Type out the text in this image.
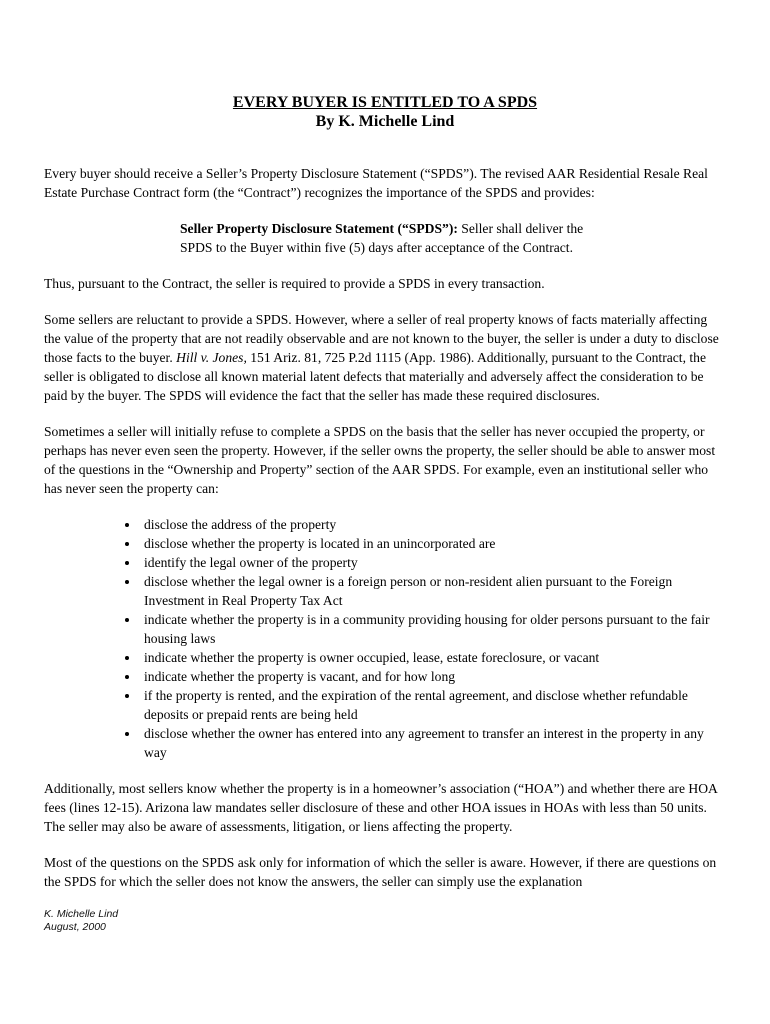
EVERY BUYER IS ENTITLED TO A SPDS
By K. Michelle Lind

Every buyer should receive a Seller’s Property Disclosure Statement (“SPDS”). The revised AAR Residential Resale Real Estate Purchase Contract form (the “Contract”) recognizes the importance of the SPDS and provides:

Seller Property Disclosure Statement (“SPDS”): Seller shall deliver the SPDS to the Buyer within five (5) days after acceptance of the Contract.

Thus, pursuant to the Contract, the seller is required to provide a SPDS in every transaction.

Some sellers are reluctant to provide a SPDS. However, where a seller of real property knows of facts materially affecting the value of the property that are not readily observable and are not known to the buyer, the seller is under a duty to disclose those facts to the buyer. Hill v. Jones, 151 Ariz. 81, 725 P.2d 1115 (App. 1986). Additionally, pursuant to the Contract, the seller is obligated to disclose all known material latent defects that materially and adversely affect the consideration to be paid by the buyer. The SPDS will evidence the fact that the seller has made these required disclosures.

Sometimes a seller will initially refuse to complete a SPDS on the basis that the seller has never occupied the property, or perhaps has never even seen the property. However, if the seller owns the property, the seller should be able to answer most of the questions in the “Ownership and Property” section of the AAR SPDS. For example, even an institutional seller who has never seen the property can:

• disclose the address of the property
• disclose whether the property is located in an unincorporated are
• identify the legal owner of the property
• disclose whether the legal owner is a foreign person or non-resident alien pursuant to the Foreign Investment in Real Property Tax Act
• indicate whether the property is in a community providing housing for older persons pursuant to the fair housing laws
• indicate whether the property is owner occupied, lease, estate foreclosure, or vacant
• indicate whether the property is vacant, and for how long
• if the property is rented, and the expiration of the rental agreement, and disclose whether refundable deposits or prepaid rents are being held
• disclose whether the owner has entered into any agreement to transfer an interest in the property in any way

Additionally, most sellers know whether the property is in a homeowner’s association (“HOA”) and whether there are HOA fees (lines 12-15). Arizona law mandates seller disclosure of these and other HOA issues in HOAs with less than 50 units. The seller may also be aware of assessments, litigation, or liens affecting the property.

Most of the questions on the SPDS ask only for information of which the seller is aware. However, if there are questions on the SPDS for which the seller does not know the answers, the seller can simply use the explanation

K. Michelle Lind
August, 2000
